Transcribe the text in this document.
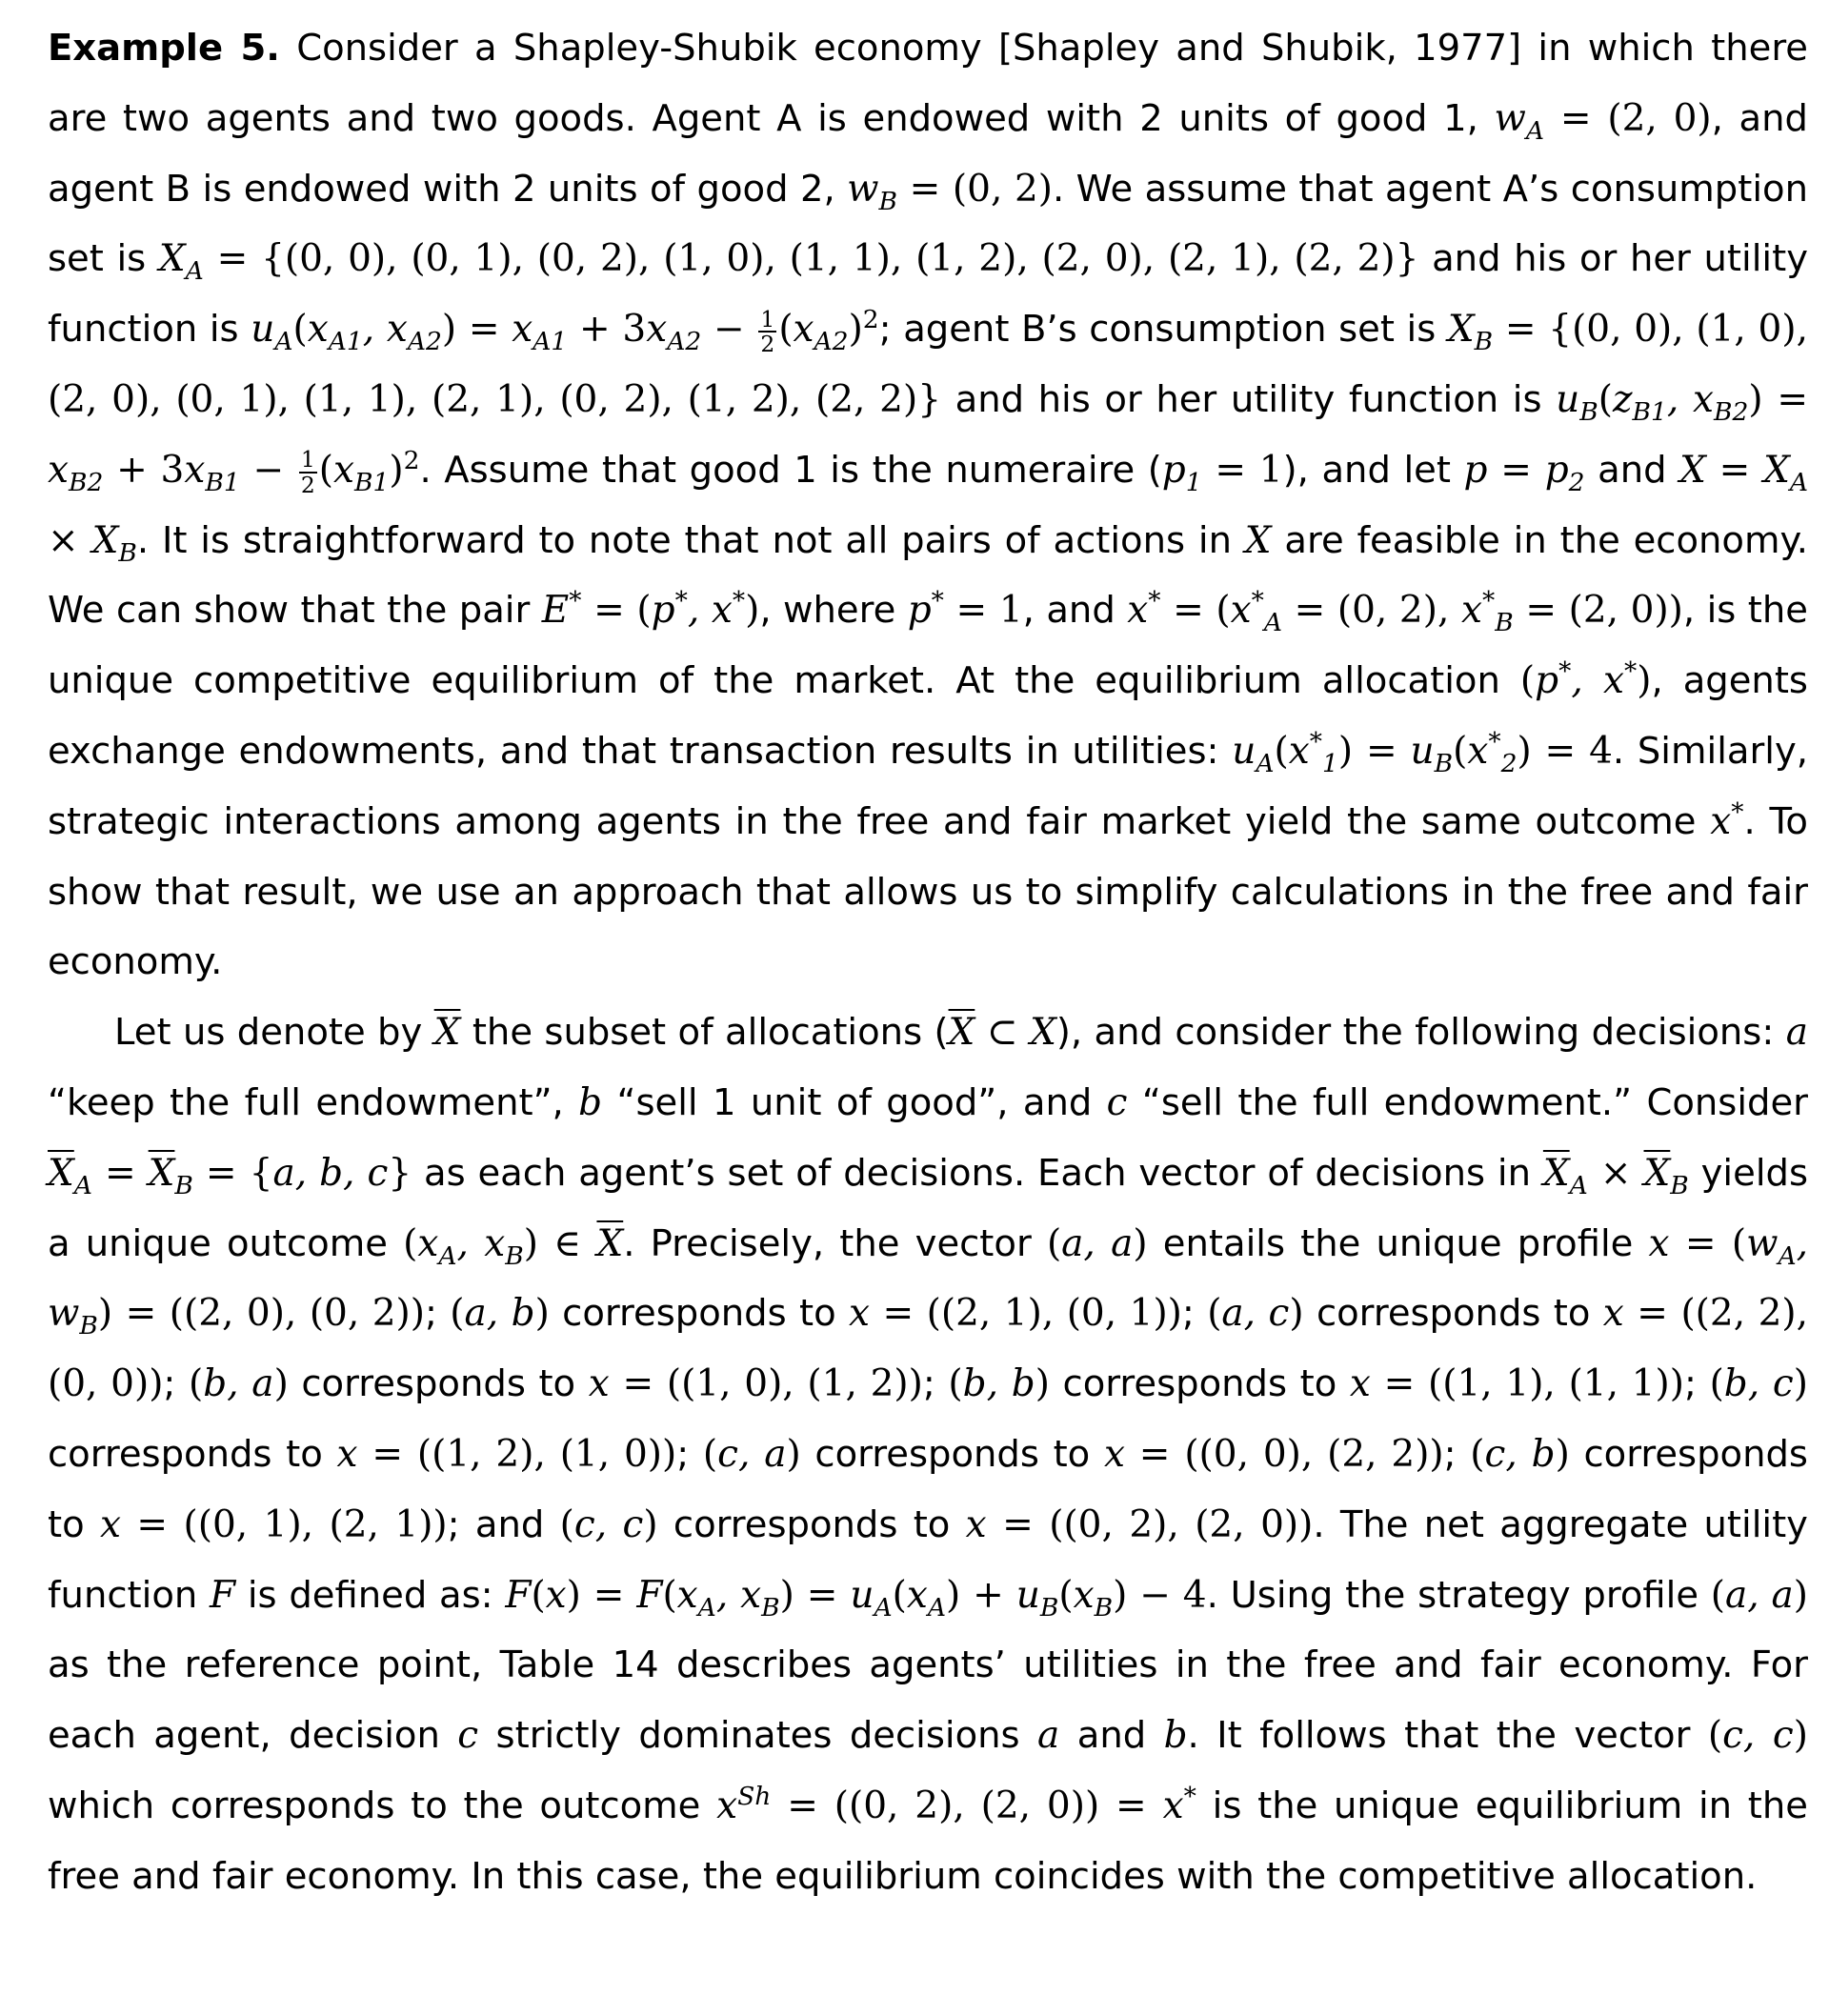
Example 5. Consider a Shapley-Shubik economy [Shapley and Shubik, 1977] in which there are two agents and two goods. Agent A is endowed with 2 units of good 1, $w_A = (2$, 0), and agent B is endowed with 2 units of good 2, $w_B = (0$, 2). We assume that agent A’s consumption set is $X_A = \{(0$, 0), (0, 1), (0, 2), (1, 0), (1, 1), (1, 2), (2, 0), (2, 1), (2, 2)} and his or her utility function is $u_A(x_{A1}$, $x_{A2}) = x_{A1} + 3x_{A2} - \frac{1}{2} (x_{A2})^2$; agent B’s consumption set is $X_B = \{(0$, 0), (1, 0), (2, 0), (0, 1), (1, 1), (2, 1), (0, 2), (1, 2), (2, 2)} and his or her utility function is $u_B(z_{B1}$, $x_{B2}) = x_{B2} + 3x_{B1} - \frac{1}{2} (x_{B1})^2$. Assume that good 1 is the numeraire $(p_1 = 1)$, and let $p = p_2$ and $X = X_A \times X_B$. It is straightforward to note that not all pairs of actions in X are feasible in the economy. We can show that the pair E* = (p*, x*), where p* = 1, and $x^* = (x^*_A = (0$, 2), $x^*_B = (2$, 0)), is the unique competitive equilibrium of the market. At the equilibrium allocation (p*, x*), agents exchange endowments, and that transaction results in utilities: $u_A(x^*_1) = u_B(x^*_2) = 4$. Similarly, strategic interactions among agents in the free and fair market yield the same outcome x*. To show that result, we use an approach that allows us to simplify calculations in the free and fair economy.

Let us denote by $\overline{X}$ the subset of allocations ($\overline{X}$ ⊂ X), and consider the following decisions: a “keep the full endowment”, b “sell 1 unit of good”, and c “sell the full endowment.” Consider $\overline{X}_A = \overline{X}_B = \{a$, b, c} as each agent’s set of decisions. Each vector of decisions in $\overline{X}_A \times \overline{X}_B$ yields a unique outcome ($x_A$, $x_B$) ∈ $\overline{X}$. Precisely, the vector (a, a) entails the unique profile $x = (w_A$, $w_B) = ((2$, 0), (0, 2)); (a, b) corresponds to x = ((2, 1), (0, 1)); (a, c) corresponds to x = ((2, 2), (0, 0)); (b, a) corresponds to x = ((1, 0), (1, 2)); (b, b) corresponds to x = ((1, 1), (1, 1)); (b, c) corresponds to x = ((1, 2), (1, 0)); (c, a) corresponds to x = ((0, 0), (2, 2)); (c, b) corresponds to x = ((0, 1), (2, 1)); and (c, c) corresponds to x = ((0, 2), (2, 0)). The net aggregate utility function F is defined as: $F(x) = F(x_A$, $x_B) = u_A(x_A) + u_B(x_B) - 4$. Using the strategy profile (a, a) as the reference point, Table 14 describes agents’ utilities in the free and fair economy. For each agent, decision c strictly dominates decisions a and b. It follows that the vector (c, c) which corresponds to the outcome $x^{Sh} = ((0$, 2), (2, 0)) = x* is the unique equilibrium in the free and fair economy. In this case, the equilibrium coincides with the competitive allocation.
